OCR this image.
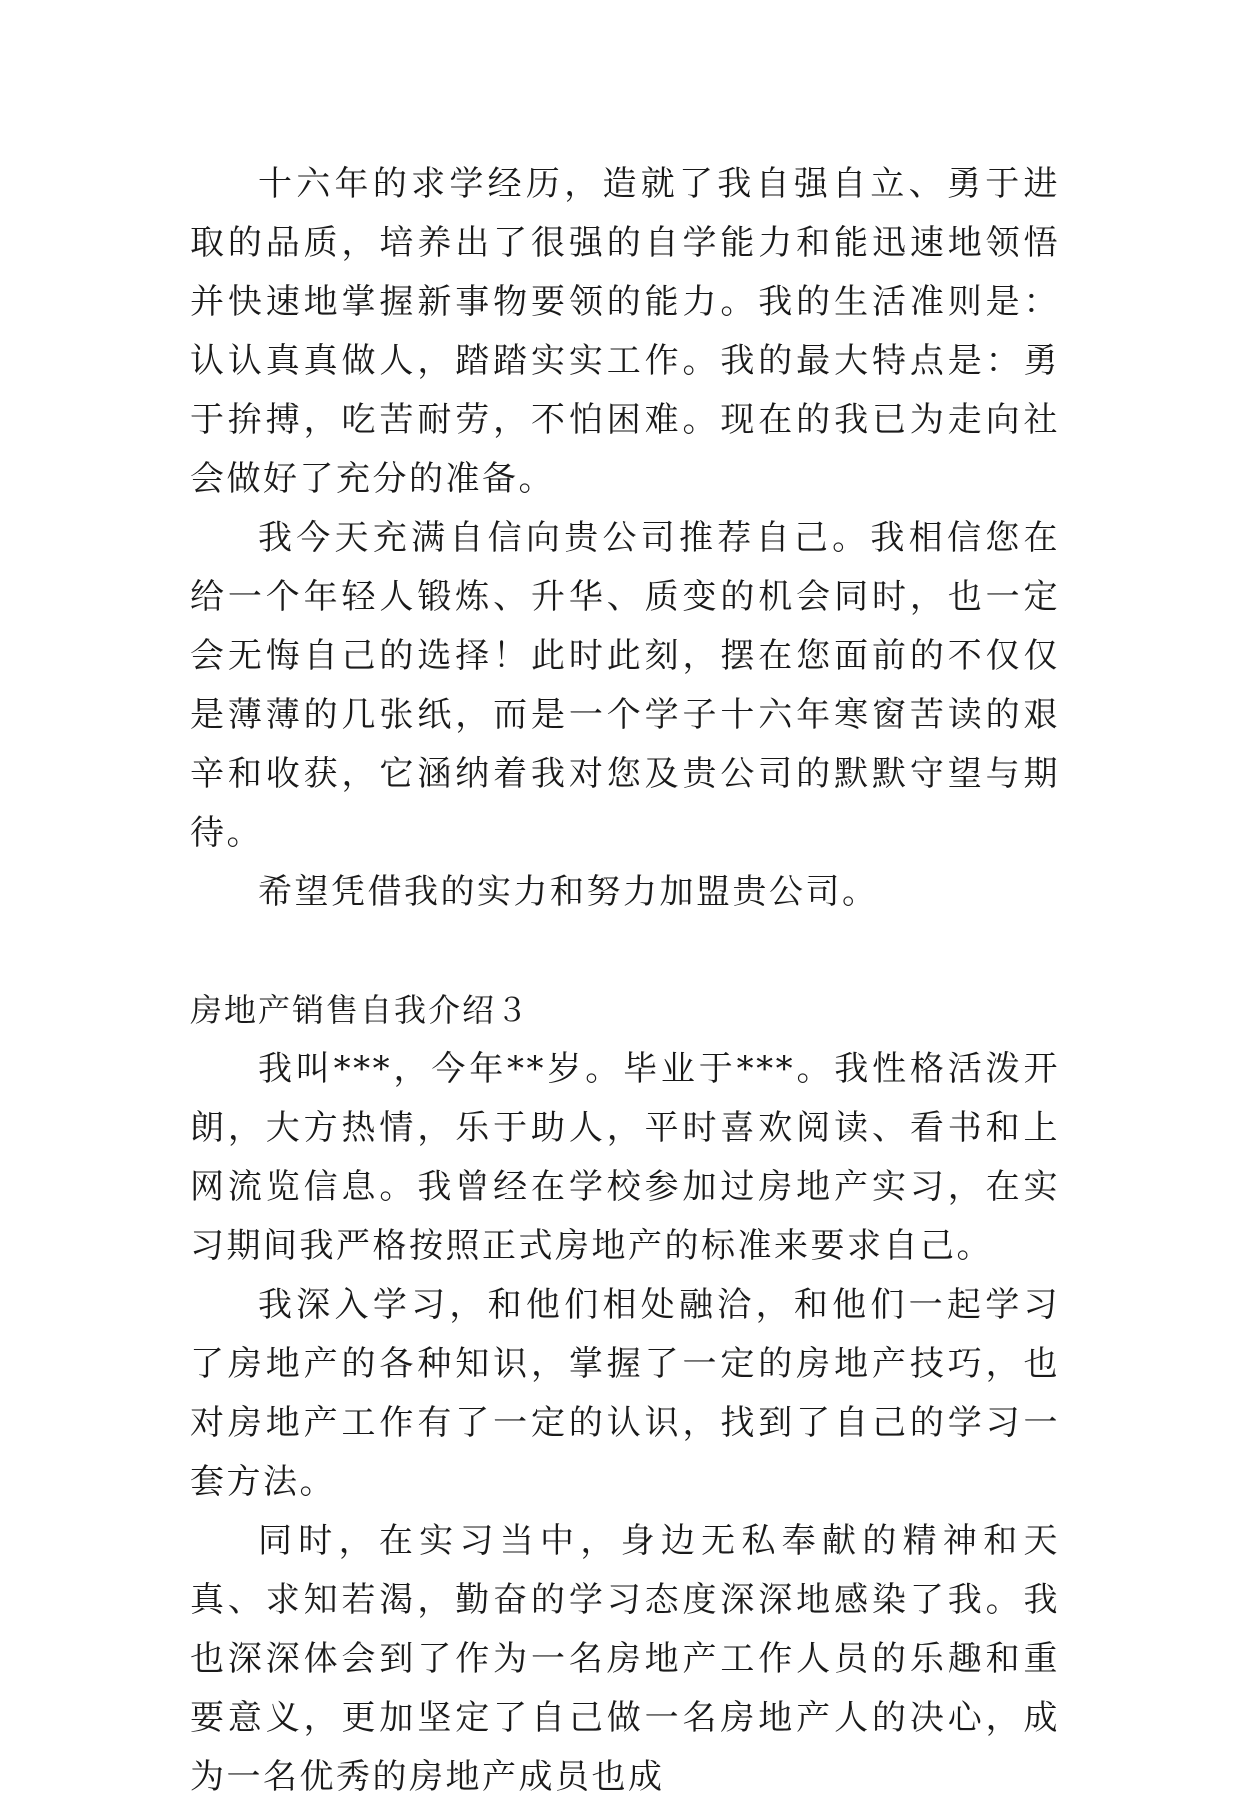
十六年的求学经历，造就了我自强自立、勇于进取的品质，培养出了很强的自学能力和能迅速地领悟并快速地掌握新事物要领的能力。我的生活准则是：认认真真做人，踏踏实实工作。我的最大特点是：勇于拚搏，吃苦耐劳，不怕困难。现在的我已为走向社会做好了充分的准备。

我今天充满自信向贵公司推荐自己。我相信您在给一个年轻人锻炼、升华、质变的机会同时，也一定会无悔自己的选择！此时此刻，摆在您面前的不仅仅是薄薄的几张纸，而是一个学子十六年寒窗苦读的艰辛和收获，它涵纳着我对您及贵公司的默默守望与期待。

希望凭借我的实力和努力加盟贵公司。

房地产销售自我介绍３

我叫***，今年**岁。毕业于***。我性格活泼开朗，大方热情，乐于助人，平时喜欢阅读、看书和上网流览信息。我曾经在学校参加过房地产实习，在实习期间我严格按照正式房地产的标准来要求自己。

我深入学习，和他们相处融洽，和他们一起学习了房地产的各种知识，掌握了一定的房地产技巧，也对房地产工作有了一定的认识，找到了自己的学习一套方法。

同时，在实习当中，身边无私奉献的精神和天真、求知若渴，勤奋的学习态度深深地感染了我。我也深深体会到了作为一名房地产工作人员的乐趣和重要意义，更加坚定了自己做一名房地产人的决心，成为一名优秀的房地产成员也成
